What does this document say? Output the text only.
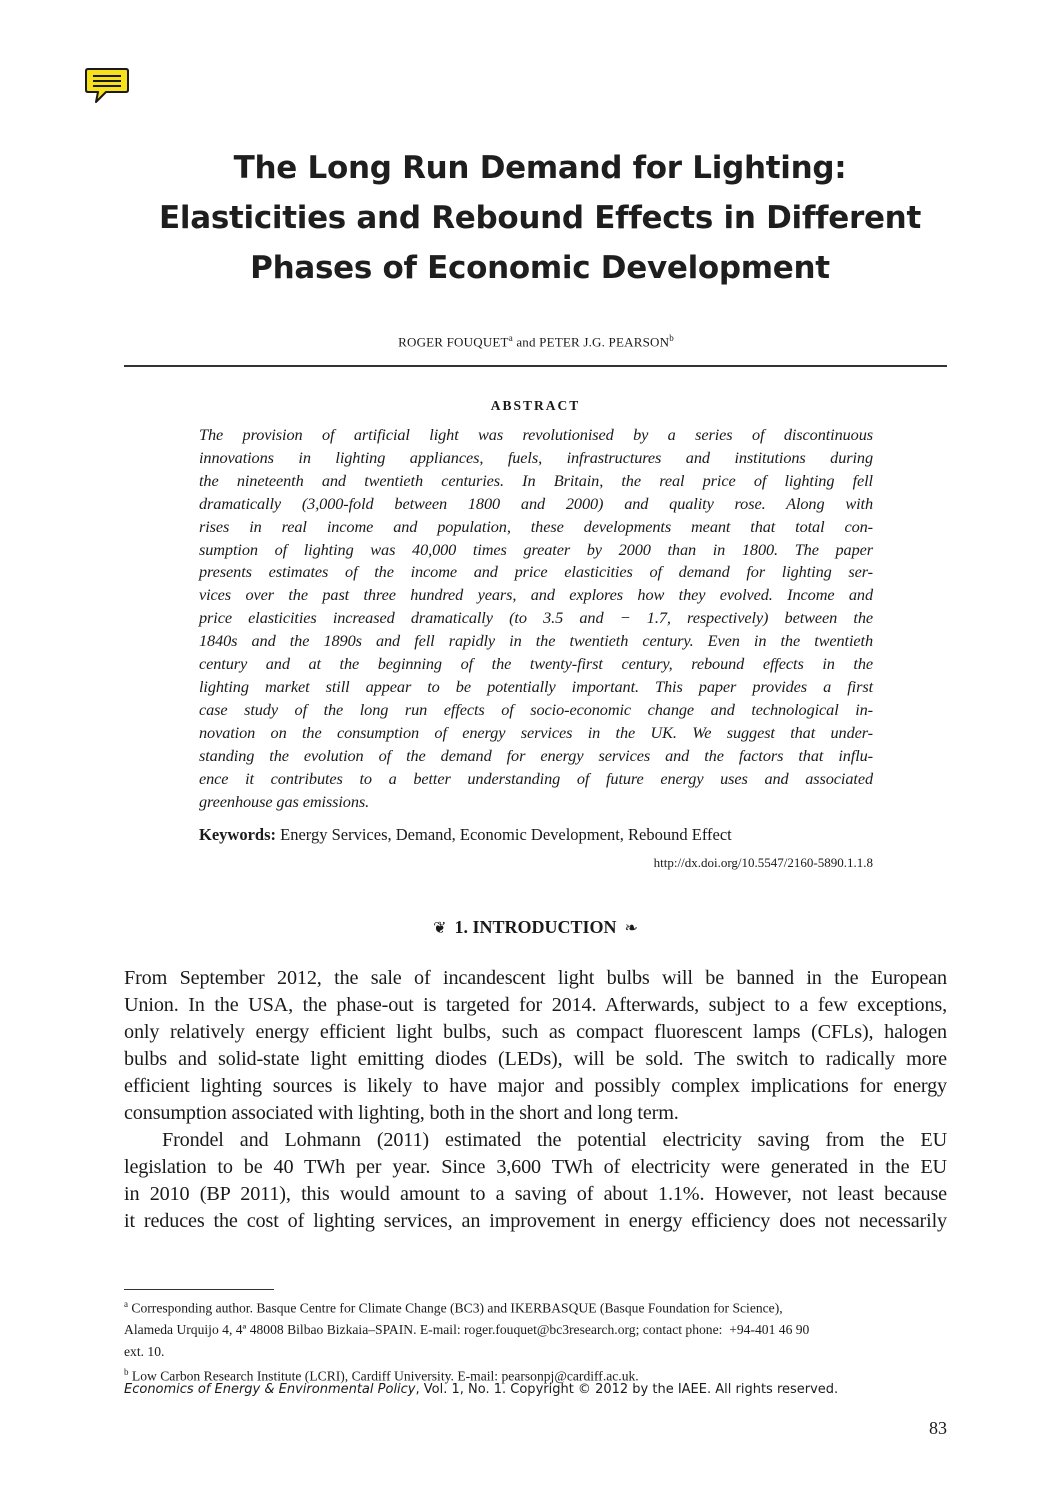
The Long Run Demand for Lighting:
Elasticities and Rebound Effects in Different
Phases of Economic Development
ROGER FOUQUET$^a$ and PETER J.G. PEARSON$^b$
ABSTRACT
The provision of artificial light was revolutionised by a series of discontinuous
innovations in lighting appliances, fuels, infrastructures and institutions during
the nineteenth and twentieth centuries. In Britain, the real price of lighting fell
dramatically (3,000-fold between 1800 and 2000) and quality rose. Along with
rises in real income and population, these developments meant that total con-
sumption of lighting was 40,000 times greater by 2000 than in 1800. The paper
presents estimates of the income and price elasticities of demand for lighting ser-
vices over the past three hundred years, and explores how they evolved. Income and
price elasticities increased dramatically (to 3.5 and − 1.7, respectively) between the
1840s and the 1890s and fell rapidly in the twentieth century. Even in the twentieth
century and at the beginning of the twenty-first century, rebound effects in the
lighting market still appear to be potentially important. This paper provides a first
case study of the long run effects of socio-economic change and technological in-
novation on the consumption of energy services in the UK. We suggest that under-
standing the evolution of the demand for energy services and the factors that influ-
ence it contributes to a better understanding of future energy uses and associated
greenhouse gas emissions.
Keywords: Energy Services, Demand, Economic Development, Rebound Effect
http://dx.doi.org/10.5547/2160-5890.1.1.8
❦ 1. INTRODUCTION ❧
From September 2012, the sale of incandescent light bulbs will be banned in the European
Union. In the USA, the phase-out is targeted for 2014. Afterwards, subject to a few exceptions,
only relatively energy efficient light bulbs, such as compact fluorescent lamps (CFLs), halogen
bulbs and solid-state light emitting diodes (LEDs), will be sold. The switch to radically more
efficient lighting sources is likely to have major and possibly complex implications for energy
consumption associated with lighting, both in the short and long term.
Frondel and Lohmann (2011) estimated the potential electricity saving from the EU
legislation to be 40 TWh per year. Since 3,600 TWh of electricity were generated in the EU
in 2010 (BP 2011), this would amount to a saving of about 1.1%. However, not least because
it reduces the cost of lighting services, an improvement in energy efficiency does not necessarily
$^a$ Corresponding author. Basque Centre for Climate Change (BC3) and IKERBASQUE (Basque Foundation for Science),
Alameda Urquijo 4, 4ª 48008 Bilbao Bizkaia–SPAIN. E-mail: roger.fouquet@bc3research.org; contact phone:  +94-401 46 90
ext. 10.
$^b$ Low Carbon Research Institute (LCRI), Cardiff University. E-mail: pearsonpj@cardiff.ac.uk.
Economics of Energy & Environmental Policy, Vol. 1, No. 1. Copyright © 2012 by the IAEE. All rights reserved.
83
